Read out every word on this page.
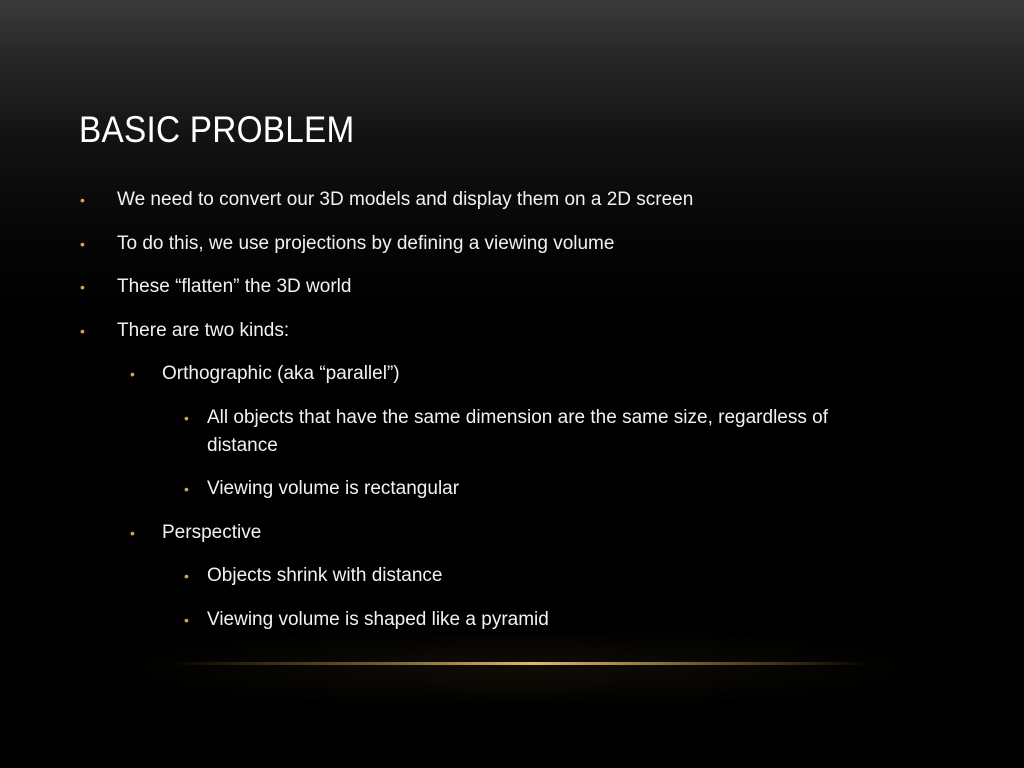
BASIC PROBLEM
• We need to convert our 3D models and display them on a 2D screen
• To do this, we use projections by defining a viewing volume
• These “flatten” the 3D world
• There are two kinds:
• Orthographic (aka “parallel”)
• All objects that have the same dimension are the same size, regardless of distance
• Viewing volume is rectangular
• Perspective
• Objects shrink with distance
• Viewing volume is shaped like a pyramid
